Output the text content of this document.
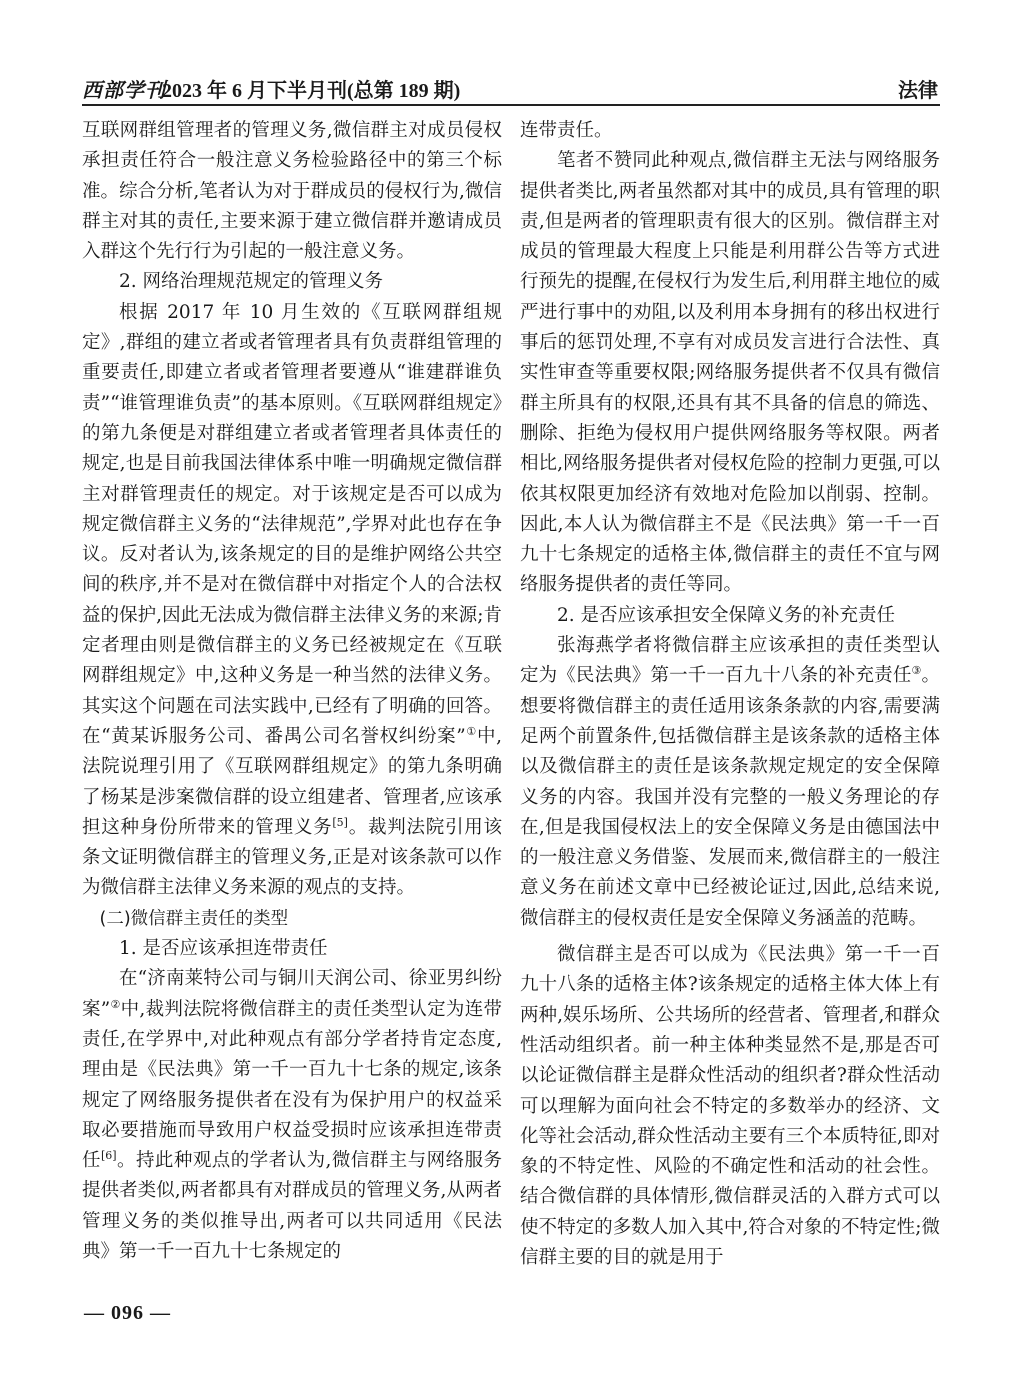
西部学刊
2023 年 6 月下半月刊(总第 189 期)	法律

互联网群组管理者的管理义务,微信群主对成员侵权承担责任符合一般注意义务检验路径中的第三个标准。综合分析,笔者认为对于群成员的侵权行为,微信群主对其的责任,主要来源于建立微信群并邀请成员入群这个先行行为引起的一般注意义务。

2. 网络治理规范规定的管理义务

根据 2017 年 10 月生效的《互联网群组规定》,群组的建立者或者管理者具有负责群组管理的重要责任,即建立者或者管理者要遵从“谁建群谁负责”“谁管理谁负责”的基本原则。《互联网群组规定》的第九条便是对群组建立者或者管理者具体责任的规定,也是目前我国法律体系中唯一明确规定微信群主对群管理责任的规定。对于该规定是否可以成为规定微信群主义务的“法律规范”,学界对此也存在争议。反对者认为,该条规定的目的是维护网络公共空间的秩序,并不是对在微信群中对指定个人的合法权益的保护,因此无法成为微信群主法律义务的来源;肯定者理由则是微信群主的义务已经被规定在《互联网群组规定》中,这种义务是一种当然的法律义务。其实这个问题在司法实践中,已经有了明确的回答。在“黄某诉服务公司、番禺公司名誉权纠纷案”①中,法院说理引用了《互联网群组规定》的第九条明确了杨某是涉案微信群的设立组建者、管理者,应该承担这种身份所带来的管理义务[5]。裁判法院引用该条文证明微信群主的管理义务,正是对该条款可以作为微信群主法律义务来源的观点的支持。

(二)微信群主责任的类型

1. 是否应该承担连带责任

在“济南莱特公司与铜川天润公司、徐亚男纠纷案”②中,裁判法院将微信群主的责任类型认定为连带责任,在学界中,对此种观点有部分学者持肯定态度,理由是《民法典》第一千一百九十七条的规定,该条规定了网络服务提供者在没有为保护用户的权益采取必要措施而导致用户权益受损时应该承担连带责任[6]。持此种观点的学者认为,微信群主与网络服务提供者类似,两者都具有对群成员的管理义务,从两者管理义务的类似推导出,两者可以共同适用《民法典》第一千一百九十七条规定的

连带责任。

笔者不赞同此种观点,微信群主无法与网络服务提供者类比,两者虽然都对其中的成员,具有管理的职责,但是两者的管理职责有很大的区别。微信群主对成员的管理最大程度上只能是利用群公告等方式进行预先的提醒,在侵权行为发生后,利用群主地位的威严进行事中的劝阻,以及利用本身拥有的移出权进行事后的惩罚处理,不享有对成员发言进行合法性、真实性审查等重要权限;网络服务提供者不仅具有微信群主所具有的权限,还具有其不具备的信息的筛选、删除、拒绝为侵权用户提供网络服务等权限。两者相比,网络服务提供者对侵权危险的控制力更强,可以依其权限更加经济有效地对危险加以削弱、控制。因此,本人认为微信群主不是《民法典》第一千一百九十七条规定的适格主体,微信群主的责任不宜与网络服务提供者的责任等同。

2. 是否应该承担安全保障义务的补充责任

张海燕学者将微信群主应该承担的责任类型认定为《民法典》第一千一百九十八条的补充责任③。想要将微信群主的责任适用该条条款的内容,需要满足两个前置条件,包括微信群主是该条款的适格主体以及微信群主的责任是该条款规定规定的安全保障义务的内容。我国并没有完整的一般义务理论的存在,但是我国侵权法上的安全保障义务是由德国法中的一般注意义务借鉴、发展而来,微信群主的一般注意义务在前述文章中已经被论证过,因此,总结来说,微信群主的侵权责任是安全保障义务涵盖的范畴。

微信群主是否可以成为《民法典》第一千一百九十八条的适格主体?该条规定的适格主体大体上有两种,娱乐场所、公共场所的经营者、管理者,和群众性活动组织者。前一种主体种类显然不是,那是否可以论证微信群主是群众性活动的组织者?群众性活动可以理解为面向社会不特定的多数举办的经济、文化等社会活动,群众性活动主要有三个本质特征,即对象的不特定性、风险的不确定性和活动的社会性。结合微信群的具体情形,微信群灵活的入群方式可以使不特定的多数人加入其中,符合对象的不特定性;微信群主要的目的就是用于

— 096 —
